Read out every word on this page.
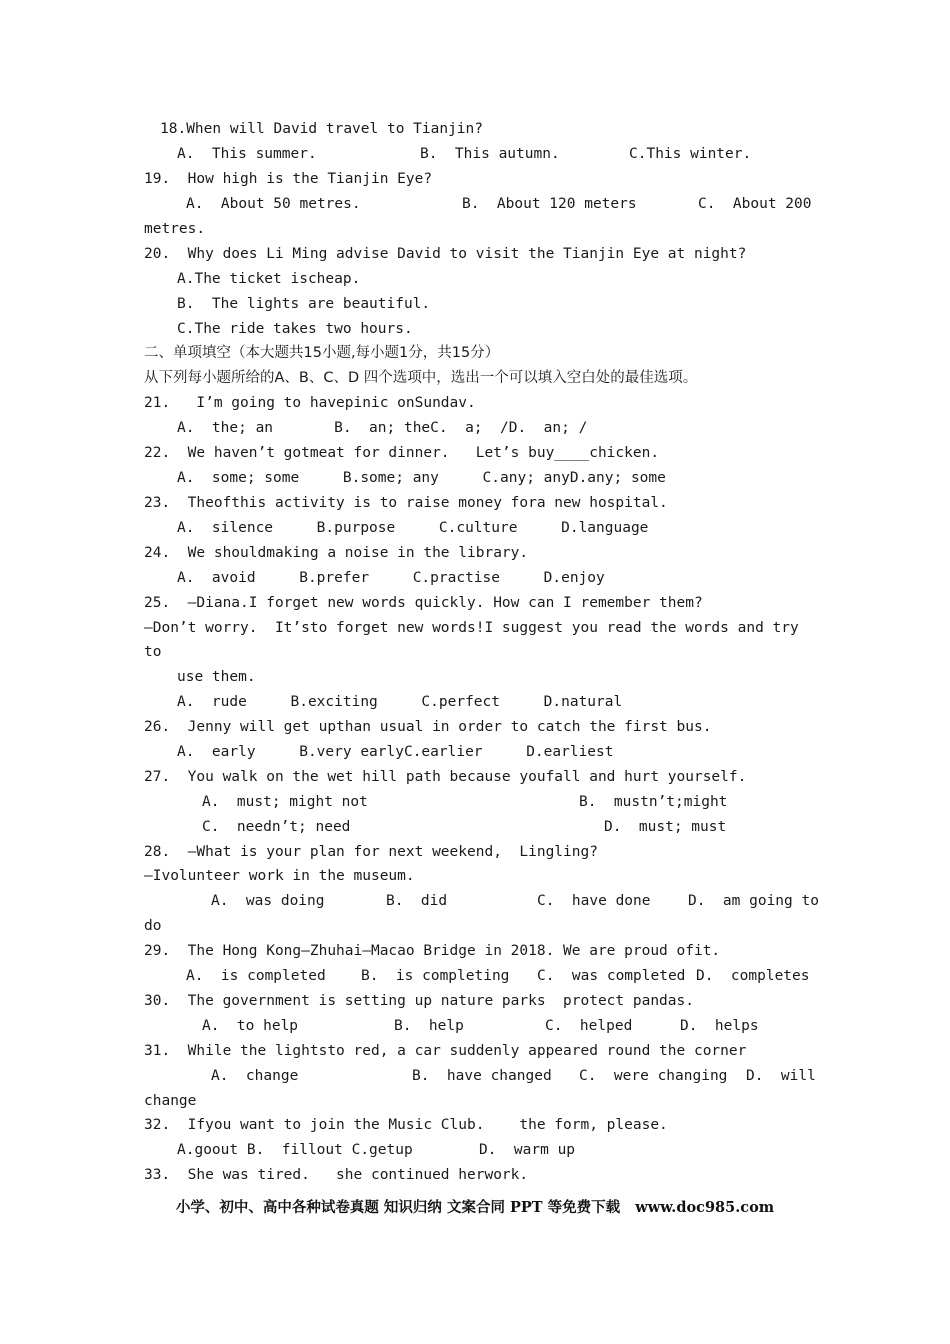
18.When will David travel to Tianjin?
A.  This summer.	B.  This autumn.	C.This winter.
19.  How high is the Tianjin Eye?
A.  About 50 metres.	B.  About 120 meters	C.  About 200
metres.
20.  Why does Li Ming advise David to visit the Tianjin Eye at night?
A.The ticket ischeap.
B.  The lights are beautiful.
C.The ride takes two hours.
二、单项填空（本大题共15小题,每小题1分，共15分）
从下列每小题所给的A、B、C、D 四个选项中，选出一个可以填入空白处的最佳选项。
21.   I’m going to havepinic onSundav.
A.  the; an       B.  an; theC.  a;  /D.  an; /
22.  We haven’t gotmeat for dinner.   Let’s buy____chicken.
A.  some; some     B.some; any     C.any; anyD.any; some
23.  Theofthis activity is to raise money fora new hospital.
A.  silence     B.purpose     C.culture     D.language
24.  We shouldmaking a noise in the library.
A.  avoid     B.prefer     C.practise     D.enjoy
25.  —Diana.I forget new words quickly. How can I remember them?
—Don’t worry.  It’sto forget new words!I suggest you read the words and try
to
use them.
A.  rude     B.exciting     C.perfect     D.natural
26.  Jenny will get upthan usual in order to catch the first bus.
A.  early     B.very earlyC.earlier     D.earliest
27.  You walk on the wet hill path because youfall and hurt yourself.
A.  must; might not	B.  mustn’t;might
C.  needn’t; need	D.  must; must
28.  —What is your plan for next weekend,  Lingling?
—Ivolunteer work in the museum.
A.  was doing	B.  did	C.  have done	D.  am going to
do
29.  The Hong Kong—Zhuhai—Macao Bridge in 2018. We are proud ofit.
A.  is completed B.  is completing C.  was completed D.  completes
30.  The government is setting up nature parks  protect pandas.
A.  to help	B.  help	C.  helped	D.  helps
31.  While the lightsto red, a car suddenly appeared round the corner
A.  change	B.  have changed C.  were changing D.  will
change
32.  Ifyou want to join the Music Club.    the form, please.
A.goout B.  fillout C.getup	D.  warm up
33.  She was tired.   she continued herwork.
小学、初中、高中各种试卷真题 知识归纳 文案合同 PPT 等免费下载   www.doc985.com
